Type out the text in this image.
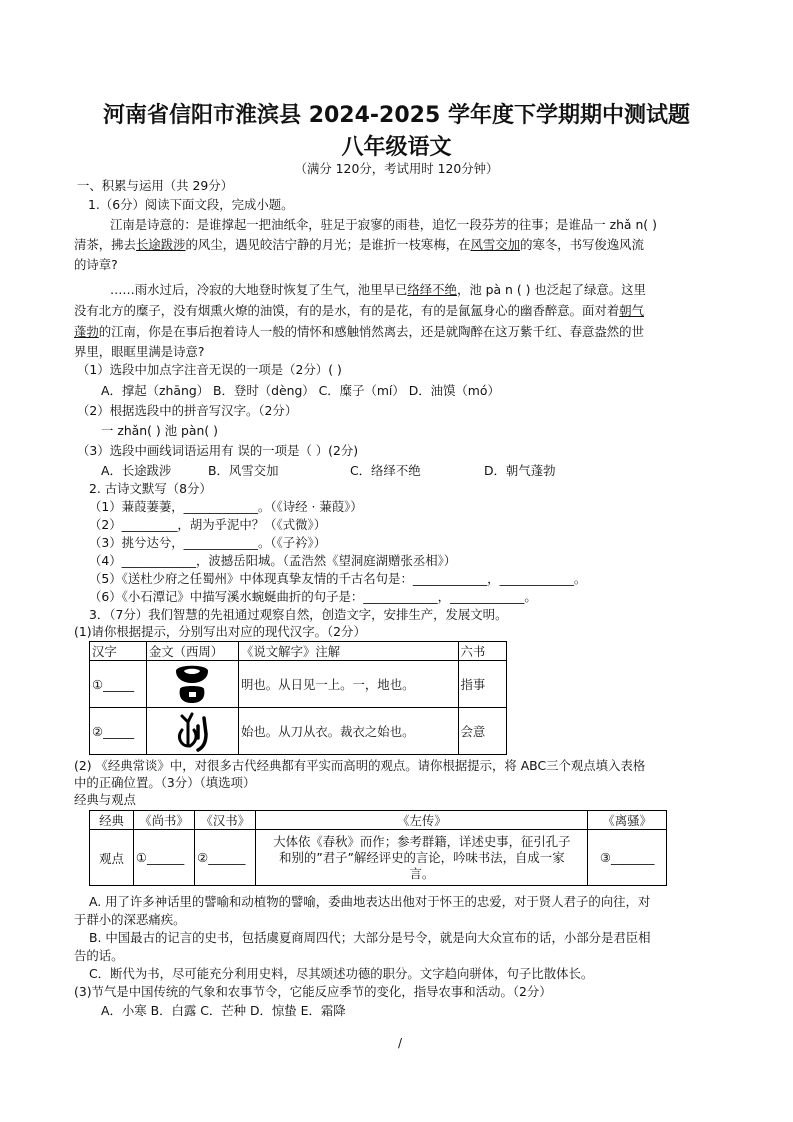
河南省信阳市淮滨县 2024-2025 学年度下学期期中测试题
八年级语文
（满分 120分，考试用时 120分钟）
一、积累与运用（共 29分）
1.（6分）阅读下面文段，完成小题。
江南是诗意的：是谁撑起一把油纸伞，驻足于寂寥的雨巷，追忆一段芬芳的往事；是谁品一 zhǎ n( )
清茶，拂去长途跋涉的风尘，遇见皎洁宁静的月光；是谁折一枝寒梅，在风雪交加的寒冬，书写俊逸风流
的诗章?
……雨水过后，冷寂的大地登时恢复了生气，池里早已络绎不绝，池 pà n ( ) 也泛起了绿意。这里
没有北方的糜子，没有烟熏火燎的油馍，有的是水，有的是花，有的是氤氲身心的幽香醉意。面对着朝气
蓬勃的江南，你是在事后抱着诗人一般的情怀和感触悄然离去，还是就陶醉在这万紫千红、春意盎然的世
界里，眼眶里满是诗意?
（1）选段中加点字注音无误的一项是（2分）( )
A．撑起（zhāng） B．登时（dèng） C．糜子（mí） D．油馍（mó）
（2）根据选段中的拼音写汉字。（2分）
一 zhǎn( ) 池 pàn( )
（3）选段中画线词语运用有 误的一项是（ ）(2分)
A．长途跋涉	B．风雪交加	C．络绎不绝	D．朝气蓬勃
2. 古诗文默写（8分）
（1）蒹葭萋萋，____________。（《诗经 · 蒹葭》）
（2）_________，胡为乎泥中？（《式微》）
（3）挑兮达兮，____________。（《子衿》）
（4）____________，波撼岳阳城。（孟浩然《望洞庭湖赠张丞相》）
（5）《送杜少府之任蜀州》中体现真挚友情的千古名句是：____________，____________。
（6）《小石潭记》中描写溪水蜿蜒曲折的句子是：____________，____________。
3．（7分）我们智慧的先祖通过观察自然，创造文字，安排生产，发展文明。
(1)请你根据提示，分别写出对应的现代汉字。（2分）
汉字	金文（西周）	《说文解字》注解	六书
①_____		明也。从日见一上。一，地也。	指事
②_____		始也。从刀从衣。裁衣之始也。	会意
(2) 《经典常谈》中，对很多古代经典都有平实而高明的观点。请你根据提示，将 ABC三个观点填入表格
中的正确位置。（3分）（填选项）
经典与观点
经典	《尚书》	《汉书》	《左传》	《离骚》
观点	①______	②______	大体依《春秋》而作；参考群籍，详述史事，征引孔子
和别的”君子”解经评史的言论，吟味书法，自成一家
言。	③_______
A. 用了许多神话里的譬喻和动植物的譬喻，委曲地表达出他对于怀王的忠爱，对于贤人君子的向往，对
于群小的深恶痛疾。
B. 中国最古的记言的史书，包括虞夏商周四代；大部分是号令，就是向大众宣布的话，小部分是君臣相
告的话。
C．断代为书，尽可能充分利用史料，尽其颂述功德的职分。文字趋向骈体，句子比散体长。
(3)节气是中国传统的气象和农事节令，它能反应季节的变化，指导农事和活动。（2分）
A．小寒 B．白露 C．芒种 D．惊蛰 E．霜降
/
